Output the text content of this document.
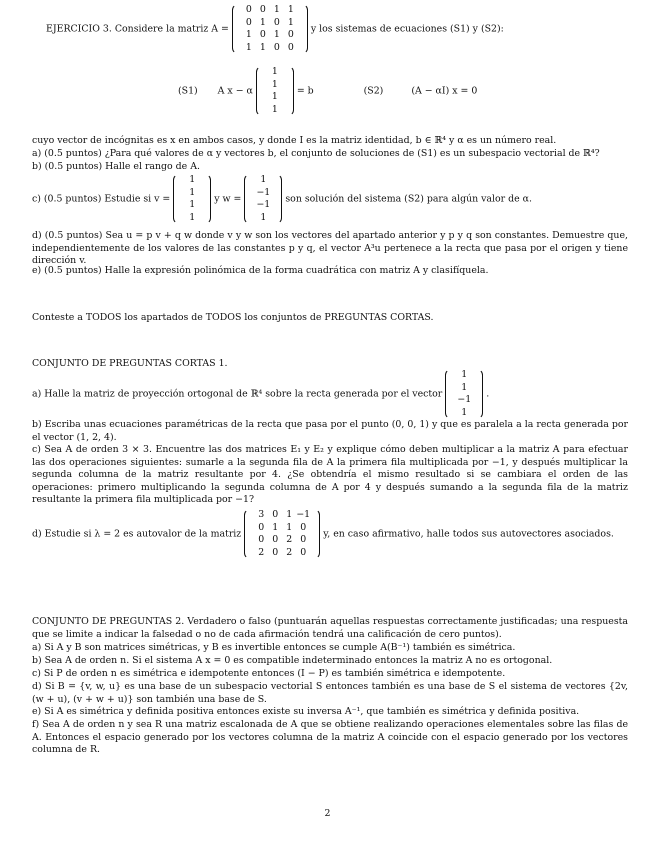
EJERCICIO 3. Considere la matriz A =
0 0 1 1
0 1 0 1
1 0 1 0
1 1 0 0
y los sistemas de ecuaciones (S1) y (S2):
(S1) A x − α
1
1
1
1
= b	(S2)	(A − αI) x = 0
cuyo vector de incógnitas es x en ambos casos, y donde I es la matriz identidad, b ∈ ℝ⁴ y α es un número real.
a) (0.5 puntos) ¿Para qué valores de α y vectores b, el conjunto de soluciones de (S1) es un subespacio vectorial de ℝ⁴?
b) (0.5 puntos) Halle el rango de A.
c) (0.5 puntos) Estudie si v =
1
1
1
1
y w =
1
−1
−1
1
son solución del sistema (S2) para algún valor de α.
d) (0.5 puntos) Sea u = p v + q w donde v y w son los vectores del apartado anterior y p y q son constantes. Demuestre que, independientemente de los valores de las constantes p y q, el vector A³u pertenece a la recta que pasa por el origen y tiene dirección v.
e) (0.5 puntos) Halle la expresión polinómica de la forma cuadrática con matriz A y clasifíquela.
Conteste a TODOS los apartados de TODOS los conjuntos de PREGUNTAS CORTAS.
CONJUNTO DE PREGUNTAS CORTAS 1.
a) Halle la matriz de proyección ortogonal de ℝ⁴ sobre la recta generada por el vector
1
1
−1
1
.
b) Escriba unas ecuaciones paramétricas de la recta que pasa por el punto (0, 0, 1) y que es paralela a la recta generada por el vector (1, 2, 4).
c) Sea A de orden 3 × 3. Encuentre las dos matrices E₁ y E₂ y explique cómo deben multiplicar a la matriz A para efectuar las dos operaciones siguientes: sumarle a la segunda fila de A la primera fila multiplicada por −1, y después multiplicar la segunda columna de la matriz resultante por 4. ¿Se obtendría el mismo resultado si se cambiara el orden de las operaciones: primero multiplicando la segunda columna de A por 4 y después sumando a la segunda fila de la matriz resultante la primera fila multiplicada por −1?
d) Estudie si λ = 2 es autovalor de la matriz
3 0 1 −1
0 1 1 0
0 0 2 0
2 0 2 0
y, en caso afirmativo, halle todos sus autovectores asociados.
CONJUNTO DE PREGUNTAS 2. Verdadero o falso (puntuarán aquellas respuestas correctamente justificadas; una respuesta que se limite a indicar la falsedad o no de cada afirmación tendrá una calificación de cero puntos).
a) Si A y B son matrices simétricas, y B es invertible entonces se cumple A(B⁻¹) también es simétrica.
b) Sea A de orden n. Si el sistema A x = 0 es compatible indeterminado entonces la matriz A no es ortogonal.
c) Si P de orden n es simétrica e idempotente entonces (I − P) es también simétrica e idempotente.
d) Si B = {v, w, u} es una base de un subespacio vectorial S entonces también es una base de S el sistema de vectores {2v, (w + u), (v + w + u)} son también una base de S.
e) Si A es simétrica y definida positiva entonces existe su inversa A⁻¹, que también es simétrica y definida positiva.
f) Sea A de orden n y sea R una matriz escalonada de A que se obtiene realizando operaciones elementales sobre las filas de A. Entonces el espacio generado por los vectores columna de la matriz A coincide con el espacio generado por los vectores columna de R.
2
